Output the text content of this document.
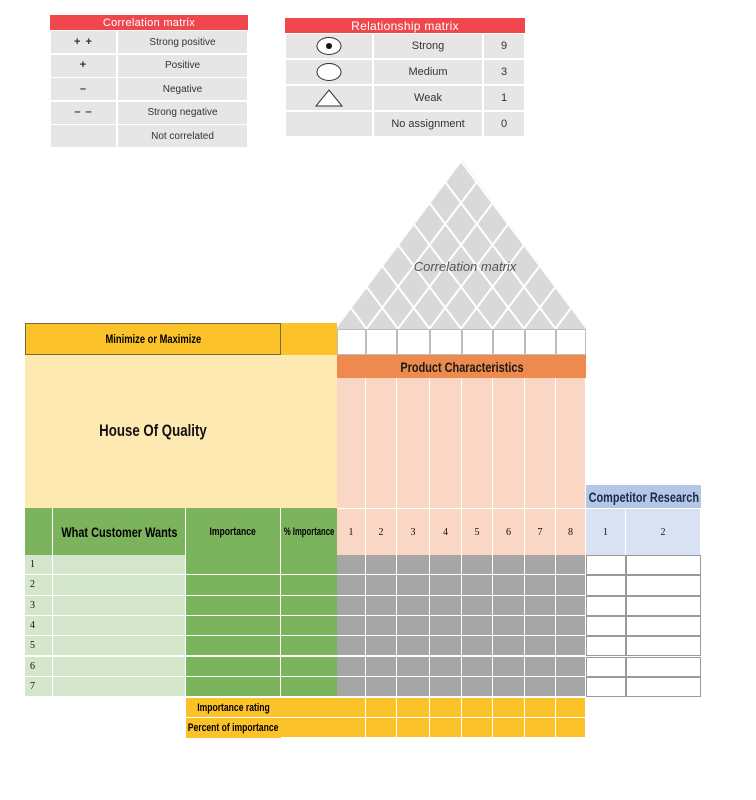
Correlation matrix
+ +	Strong positive
+	Positive
–	Negative
– –	Strong negative
Not correlated
Relationship matrix
Strong	9
Medium	3
Weak	1
No assignment	0
Correlation matrix
Minimize or Maximize
House Of Quality
Product Characteristics
Competitor Research
What Customer Wants	Importance	% Importance	1	2	3	4	5	6	7	8	1	2
1
2
3
4
5
6
7
Importance rating
Percent of importance
